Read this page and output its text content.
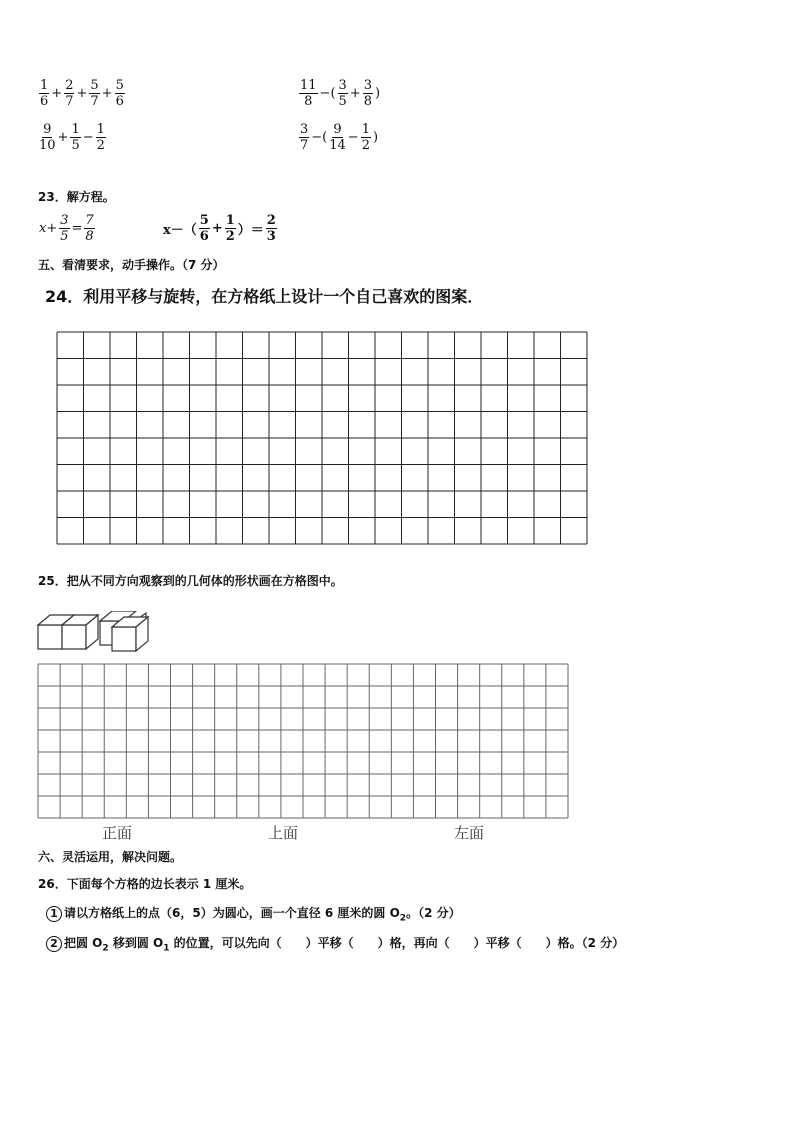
$\frac{1}{6} + \frac{2}{7} + \frac{5}{7} + \frac{5}{6}$	$\frac{11}{8}$ −( $\frac{3}{5} + \frac{3}{8}$ )
$\frac{9}{10} + \frac{1}{5} - \frac{1}{2}$	$\frac{3}{7}$ −( $\frac{9}{14} - \frac{1}{2}$ )
23．解方程。
$x+ \frac{3}{5} = \frac{7}{8}$	$x-( \frac{5}{6} + \frac{1}{2}$ ）＝ $\frac{2}{3}$
五、看清要求，动手操作。（7 分）
24．利用平移与旋转，在方格纸上设计一个自己喜欢的图案．
25．把从不同方向观察到的几何体的形状画在方格图中。
正面	上面	左面
六、灵活运用，解决问题。
26．下面每个方格的边长表示 1 厘米。
1 请以方格纸上的点（6，5）为圆心，画一个直径 6 厘米的圆 $O_2$。（2 分）
2 把圆 $O_2$ 移到圆 $O_1$ 的位置，可以先向（　　）平移（　　）格，再向（　　）平移（　　）格。（2 分）
